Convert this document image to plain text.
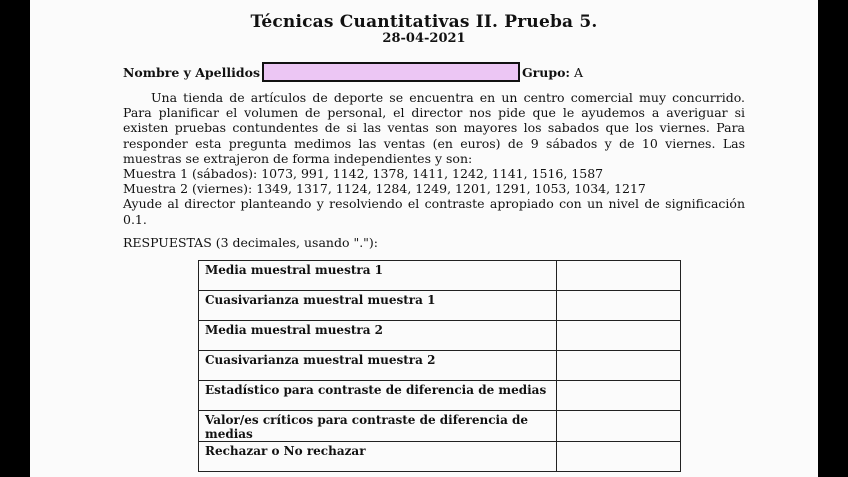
Técnicas Cuantitativas II. Prueba 5.
28-04-2021
Nombre y Apellidos	Grupo: A

Una tienda de artículos de deporte se encuentra en un centro comercial muy concurrido. Para planificar el volumen de personal, el director nos pide que le ayudemos a averiguar si existen pruebas contundentes de si las ventas son mayores los sabados que los viernes. Para responder esta pregunta medimos las ventas (en euros) de 9 sábados y de 10 viernes. Las muestras se extrajeron de forma independientes y son:

Muestra 1 (sábados): 1073, 991, 1142, 1378, 1411, 1242, 1141, 1516, 1587

Muestra 2 (viernes): 1349, 1317, 1124, 1284, 1249, 1201, 1291, 1053, 1034, 1217

Ayude al director planteando y resolviendo el contraste apropiado con un nivel de significación 0.1.

RESPUESTAS (3 decimales, usando "."):
Media muestral muestra 1	
Cuasivarianza muestral muestra 1	
Media muestral muestra 2	
Cuasivarianza muestral muestra 2	
Estadístico para contraste de diferencia de medias	
Valor/es críticos para contraste de diferencia de medias	
Rechazar o No rechazar	
